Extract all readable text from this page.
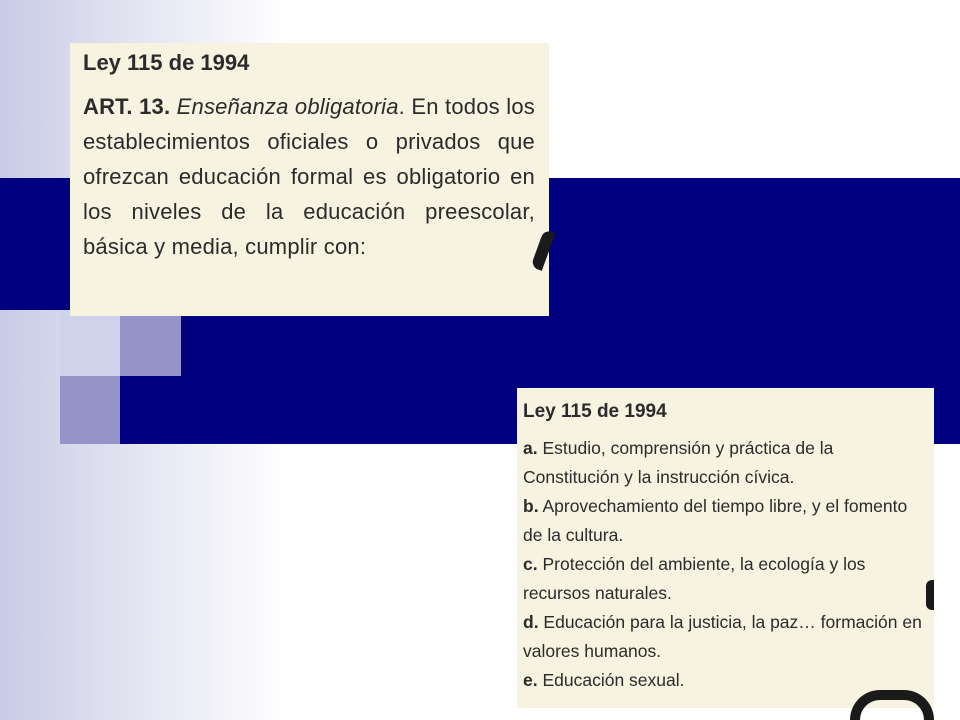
Ley 115 de 1994
ART. 13. Enseñanza obligatoria. En todos los establecimientos oficiales o privados que ofrezcan educación formal es obligatorio en los niveles de la educación preescolar, básica y media, cumplir con:
Ley 115 de 1994
a. Estudio, comprensión y práctica de la Constitución y la instrucción cívica.
b. Aprovechamiento del tiempo libre, y el fomento de la cultura.
c. Protección del ambiente, la ecología y los recursos naturales.
d. Educación para la justicia, la paz… formación en valores humanos.
e. Educación sexual.
